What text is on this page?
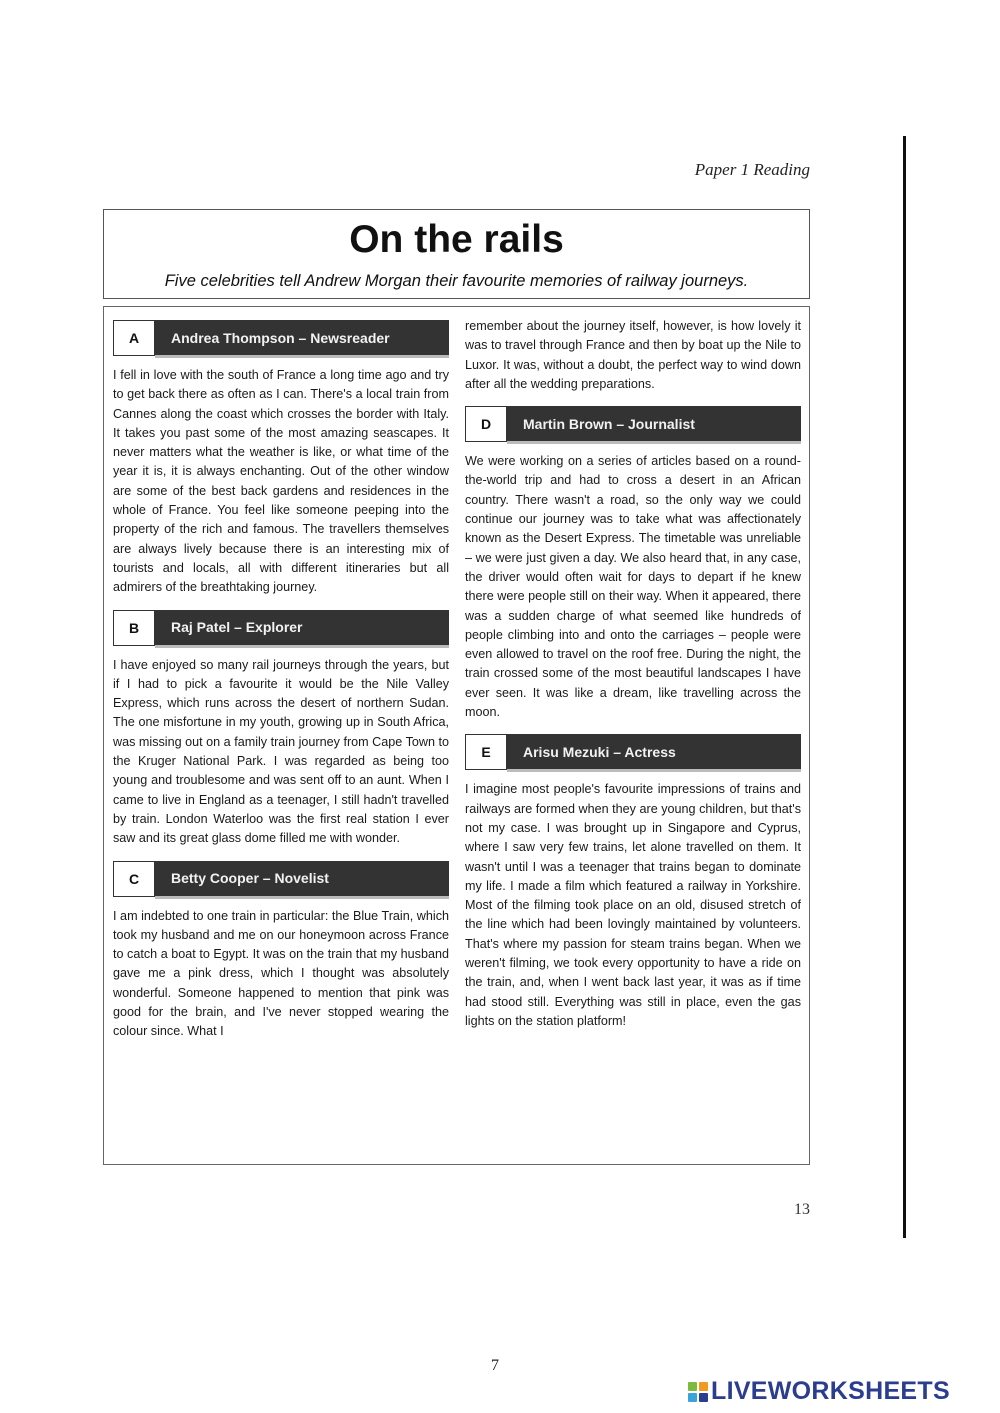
Paper 1 Reading
On the rails
Five celebrities tell Andrew Morgan their favourite memories of railway journeys.
A	Andrea Thompson – Newsreader

I fell in love with the south of France a long time ago and try to get back there as often as I can. There's a local train from Cannes along the coast which crosses the border with Italy. It takes you past some of the most amazing seascapes. It never matters what the weather is like, or what time of the year it is, it is always enchanting. Out of the other window are some of the best back gardens and residences in the whole of France. You feel like someone peeping into the property of the rich and famous. The travellers themselves are always lively because there is an interesting mix of tourists and locals, all with different itineraries but all admirers of the breathtaking journey.

B	Raj Patel – Explorer

I have enjoyed so many rail journeys through the years, but if I had to pick a favourite it would be the Nile Valley Express, which runs across the desert of northern Sudan. The one misfortune in my youth, growing up in South Africa, was missing out on a family train journey from Cape Town to the Kruger National Park. I was regarded as being too young and troublesome and was sent off to an aunt. When I came to live in England as a teenager, I still hadn't travelled by train. London Waterloo was the first real station I ever saw and its great glass dome filled me with wonder.

C	Betty Cooper – Novelist

I am indebted to one train in particular: the Blue Train, which took my husband and me on our honeymoon across France to catch a boat to Egypt. It was on the train that my husband gave me a pink dress, which I thought was absolutely wonderful. Someone happened to mention that pink was good for the brain, and I've never stopped wearing the colour since. What I

remember about the journey itself, however, is how lovely it was to travel through France and then by boat up the Nile to Luxor. It was, without a doubt, the perfect way to wind down after all the wedding preparations.

D	Martin Brown – Journalist

We were working on a series of articles based on a round-the-world trip and had to cross a desert in an African country. There wasn't a road, so the only way we could continue our journey was to take what was affectionately known as the Desert Express. The timetable was unreliable – we were just given a day. We also heard that, in any case, the driver would often wait for days to depart if he knew there were people still on their way. When it appeared, there was a sudden charge of what seemed like hundreds of people climbing into and onto the carriages – people were even allowed to travel on the roof free. During the night, the train crossed some of the most beautiful landscapes I have ever seen. It was like a dream, like travelling across the moon.

E	Arisu Mezuki – Actress

I imagine most people's favourite impressions of trains and railways are formed when they are young children, but that's not my case. I was brought up in Singapore and Cyprus, where I saw very few trains, let alone travelled on them. It wasn't until I was a teenager that trains began to dominate my life. I made a film which featured a railway in Yorkshire. Most of the filming took place on an old, disused stretch of the line which had been lovingly maintained by volunteers. That's where my passion for steam trains began. When we weren't filming, we took every opportunity to have a ride on the train, and, when I went back last year, it was as if time had stood still. Everything was still in place, even the gas lights on the station platform!

13
7
LIVEWORKSHEETS
